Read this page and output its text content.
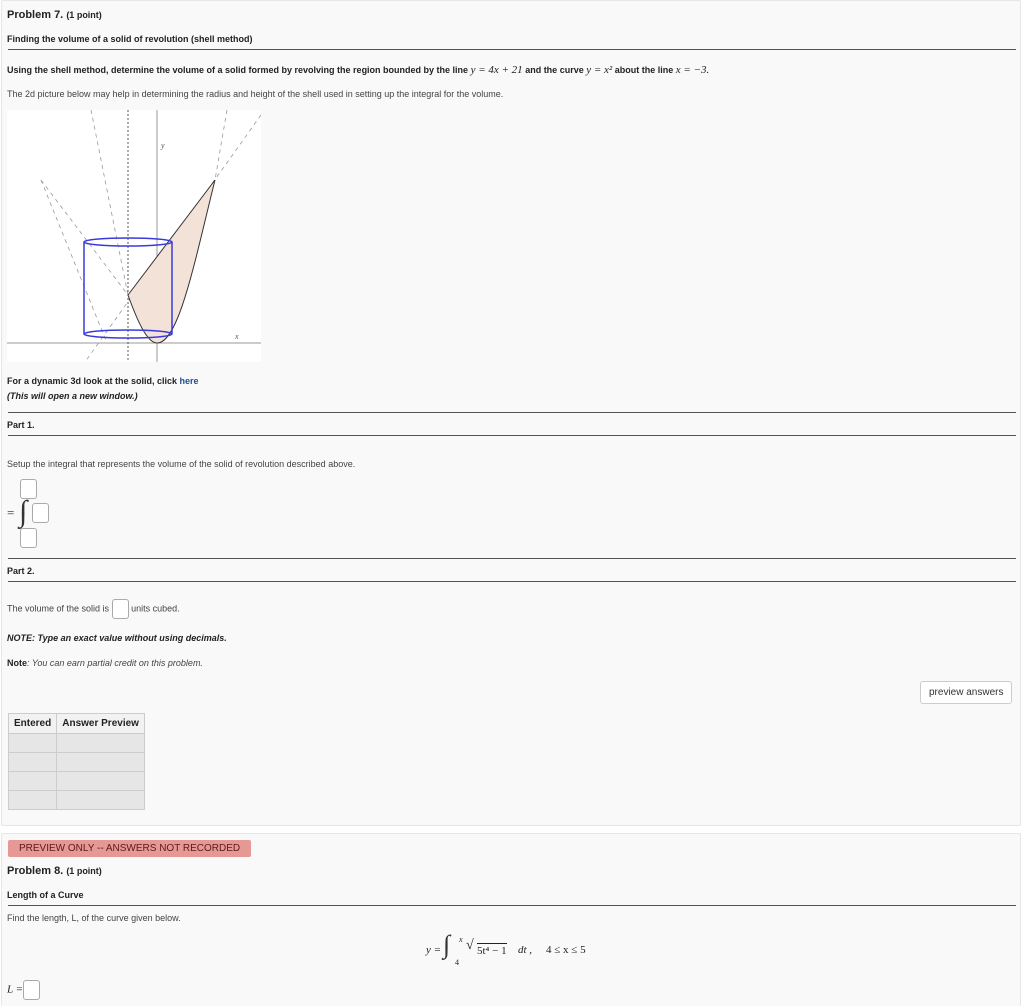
Problem 7. (1 point)
Finding the volume of a solid of revolution (shell method)
Using the shell method, determine the volume of a solid formed by revolving the region bounded by the line y = 4x + 21 and the curve y = x² about the line x = −3.
The 2d picture below may help in determining the radius and height of the shell used in setting up the integral for the volume.
y
x
For a dynamic 3d look at the solid, click here
(This will open a new window.)
Part 1.
Setup the integral that represents the volume of the solid of revolution described above.
= ∫
Part 2.
The volume of the solid is units cubed.
NOTE: Type an exact value without using decimals.
Note: You can earn partial credit on this problem.
preview answers
Entered	Answer Preview

PREVIEW ONLY -- ANSWERS NOT RECORDED
Problem 8. (1 point)
Length of a Curve
Find the length, L, of the curve given below.
y = ∫ x
4
√ 5t⁴ − 1 dt , 4 ≤ x ≤ 5
L =
